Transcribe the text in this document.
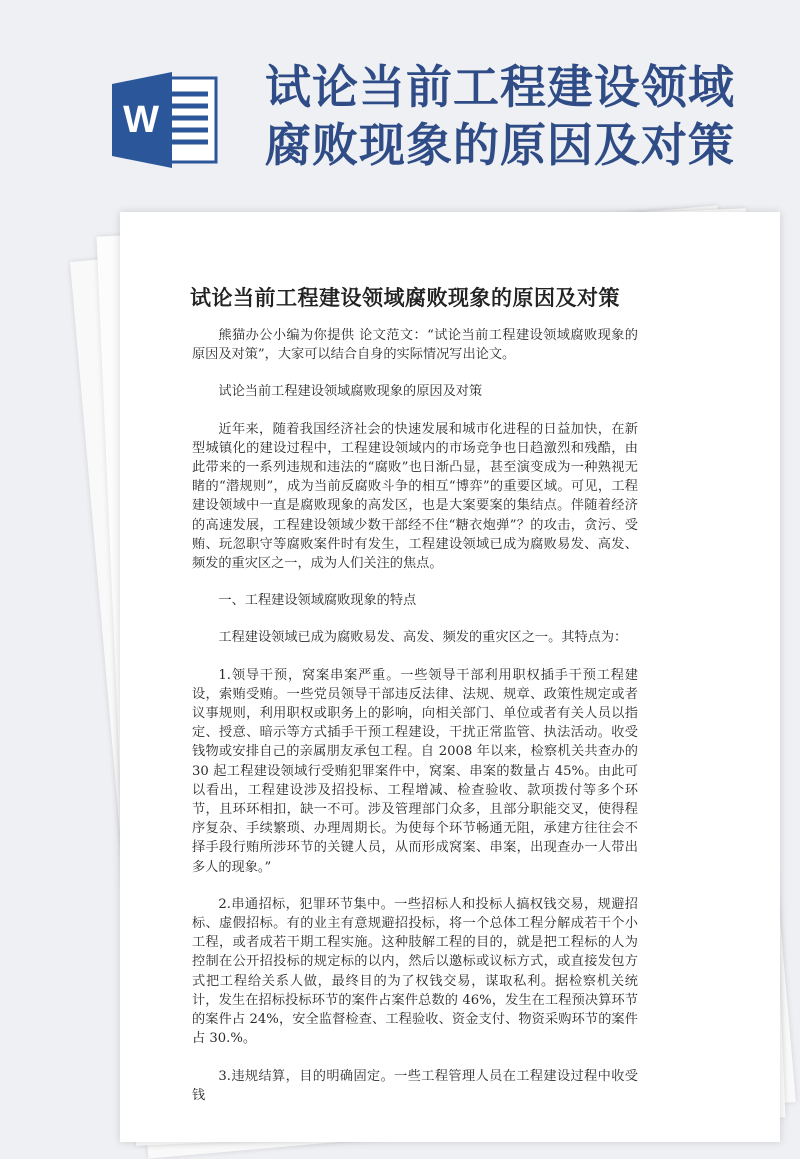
W
试论当前工程建设领域
腐败现象的原因及对策
试论当前工程建设领域腐败现象的原因及对策

熊猫办公小编为你提供 论文范文：“试论当前工程建设领域腐败现象的原因及对策”，大家可以结合自身的实际情况写出论文。

试论当前工程建设领域腐败现象的原因及对策

近年来，随着我国经济社会的快速发展和城市化进程的日益加快，在新型城镇化的建设过程中，工程建设领域内的市场竞争也日趋激烈和残酷，由此带来的一系列违规和违法的“腐败”也日渐凸显，甚至演变成为一种熟视无睹的“潜规则”，成为当前反腐败斗争的相互“博弈”的重要区域。可见，工程建设领域中一直是腐败现象的高发区，也是大案要案的集结点。伴随着经济的高速发展，工程建设领域少数干部经不住“糖衣炮弹”？的攻击，贪污、受贿、玩忽职守等腐败案件时有发生，工程建设领域已成为腐败易发、高发、频发的重灾区之一，成为人们关注的焦点。

一、工程建设领域腐败现象的特点

工程建设领域已成为腐败易发、高发、频发的重灾区之一。其特点为：

1.领导干预，窝案串案严重。一些领导干部利用职权插手干预工程建设，索贿受贿。一些党员领导干部违反法律、法规、规章、政策性规定或者议事规则，利用职权或职务上的影响，向相关部门、单位或者有关人员以指定、授意、暗示等方式插手干预工程建设，干扰正常监管、执法活动。收受钱物或安排自己的亲属朋友承包工程。自 2008 年以来，检察机关共查办的 30 起工程建设领域行受贿犯罪案件中，窝案、串案的数量占 45%。由此可以看出，工程建设涉及招投标、工程增减、检查验收、款项拨付等多个环节，且环环相扣，缺一不可。涉及管理部门众多，且部分职能交叉，使得程序复杂、手续繁琐、办理周期长。为使每个环节畅通无阻，承建方往往会不择手段行贿所涉环节的关键人员，从而形成窝案、串案，出现查办一人带出多人的现象。”

2.串通招标，犯罪环节集中。一些招标人和投标人搞权钱交易，规避招标、虚假招标。有的业主有意规避招投标，将一个总体工程分解成若干个小工程，或者成若干期工程实施。这种肢解工程的目的，就是把工程标的人为控制在公开招投标的规定标的以内，然后以邀标或议标方式，或直接发包方式把工程给关系人做，最终目的为了权钱交易，谋取私利。据检察机关统计，发生在招标投标环节的案件占案件总数的 46%，发生在工程预决算环节的案件占 24%，安全监督检查、工程验收、资金支付、物资采购环节的案件占 30.%。

3.违规结算，目的明确固定。一些工程管理人员在工程建设过程中收受钱
